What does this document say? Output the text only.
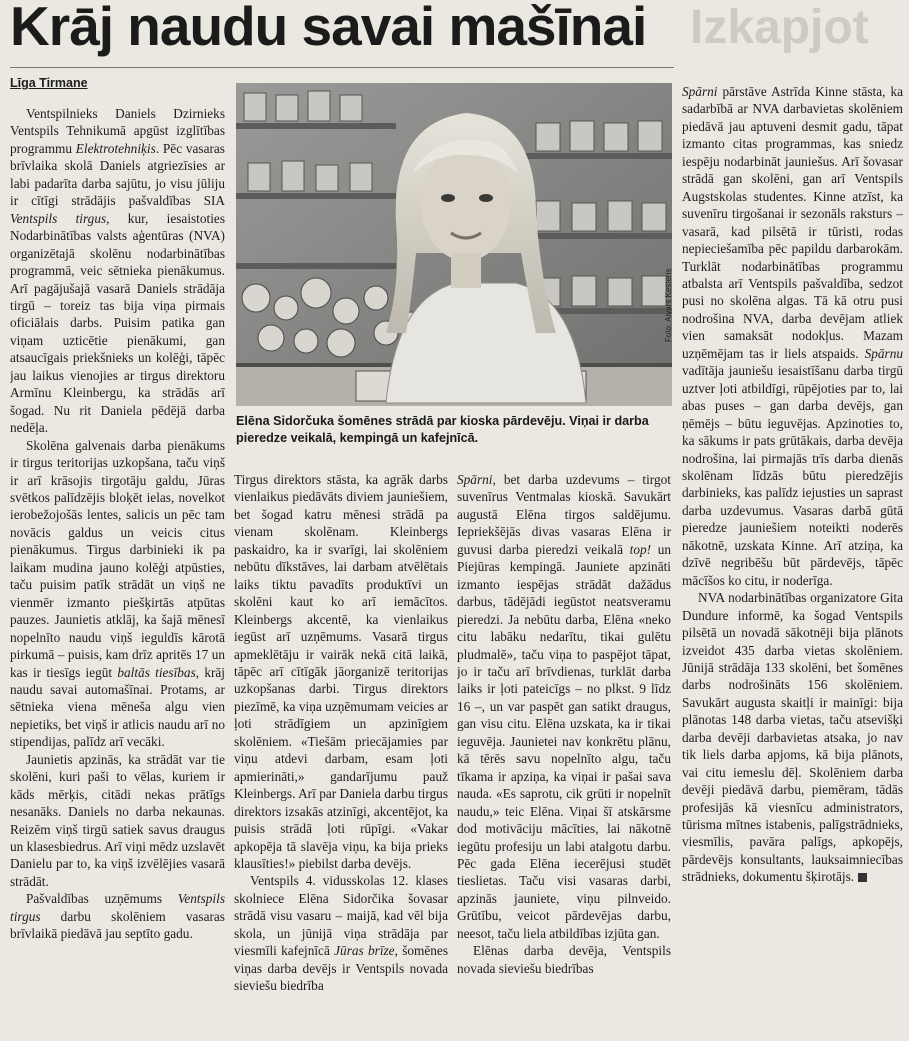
Izkapjot
Krāj naudu savai mašīnai
Līga Tirmane

Ventspilnieks Daniels Dzirnieks Ventspils Tehnikumā apgūst izglītības programmu Elektrotehniķis. Pēc vasaras brīvlaika skolā Daniels atgriezīsies ar labi padarīta darba sajūtu, jo visu jūliju ir cītīgi strādājis pašvaldības SIA Ventspils tirgus, kur, iesaistoties Nodarbinātības valsts aģentūras (NVA) organizētajā skolēnu nodarbinātības programmā, veic sētnieka pienākumus. Arī pagājušajā vasarā Daniels strādāja tirgū – toreiz tas bija viņa pirmais oficiālais darbs. Puisim patika gan viņam uzticētie pienākumi, gan atsaucīgais priekšnieks un kolēģi, tāpēc jau laikus vienojies ar tirgus direktoru Armīnu Kleinbergu, ka strādās arī šogad. Nu rit Daniela pēdējā darba nedēļa.

Skolēna galvenais darba pienākums ir tirgus teritorijas uzkopšana, taču viņš ir arī krāsojis tirgotāju galdu, Jūras svētkos palīdzējis bloķēt ielas, novelkot ierobežojošās lentes, salicis un pēc tam novācis galdus un veicis citus pienākumus. Tirgus darbinieki ik pa laikam mudina jauno kolēģi atpūsties, taču puisim patīk strādāt un viņš ne vienmēr izmanto piešķirtās atpūtas pauzes. Jaunietis atklāj, ka šajā mēnesī nopelnīto naudu viņš ieguldīs kārotā pirkumā – puisis, kam drīz apritēs 17 un kas ir tiesīgs iegūt baltās tiesības, krāj naudu savai automašīnai. Protams, ar sētnieka viena mēneša algu vien nepietiks, bet viņš ir atlicis naudu arī no stipendijas, palīdz arī vecāki.

Jaunietis apzinās, ka strādāt var tie skolēni, kuri paši to vēlas, kuriem ir kāds mērķis, citādi nekas prātīgs nesanāks. Daniels no darba nekaunas. Reizēm viņš tirgū satiek savus draugus un klasesbiedrus. Arī viņi mēdz uzslavēt Danielu par to, ka viņš izvēlējies vasarā strādāt.

Pašvaldības uzņēmums Ventspils tirgus darbu skolēniem vasaras brīvlaikā piedāvā jau septīto gadu.

Foto: Aivars Kesteris
Elēna Sidorčuka šomēnes strādā par kioska pārdevēju. Viņai ir darba pieredze veikalā, kempingā un kafejnīcā.

Tirgus direktors stāsta, ka agrāk darbs vienlaikus piedāvāts diviem jauniešiem, bet šogad katru mēnesi strādā pa vienam skolēnam. Kleinbergs paskaidro, ka ir svarīgi, lai skolēniem nebūtu dīkstāves, lai darbam atvēlētais laiks tiktu pavadīts produktīvi un skolēni kaut ko arī iemācītos. Kleinbergs akcentē, ka vienlaikus iegūst arī uzņēmums. Vasarā tirgus apmeklētāju ir vairāk nekā citā laikā, tāpēc arī cītīgāk jāorganizē teritorijas uzkopšanas darbi. Tirgus direktors piezīmē, ka viņa uzņēmumam veicies ar ļoti strādīgiem un apzinīgiem skolēniem. «Tiešām priecājamies par viņu atdevi darbam, esam ļoti apmierināti,» gandarījumu pauž Kleinbergs. Arī par Daniela darbu tirgus direktors izsakās atzinīgi, akcentējot, ka puisis strādā ļoti rūpīgi. «Vakar apkopēja tā slavēja viņu, ka bija prieks klausīties!» piebilst darba devējs.

Ventspils 4. vidusskolas 12. klases skolniece Elēna Sidorčika šovasar strādā visu vasaru – maijā, kad vēl bija skola, un jūnijā viņa strādāja par viesmīli kafejnīcā Jūras brīze, šomēnes viņas darba devējs ir Ventspils novada sieviešu biedrība

Spārni, bet darba uzdevums – tirgot suvenīrus Ventmalas kioskā. Savukārt augustā Elēna tirgos saldējumu. Iepriekšējās divas vasaras Elēna ir guvusi darba pieredzi veikalā top! un Piejūras kempingā. Jauniete apzināti izmanto iespējas strādāt dažādus darbus, tādējādi iegūstot neatsveramu pieredzi. Ja nebūtu darba, Elēna «neko citu labāku nedarītu, tikai gulētu pludmalē», taču viņa to paspējot tāpat, jo ir taču arī brīvdienas, turklāt darba laiks ir ļoti pateicīgs – no plkst. 9 līdz 16 –, un var paspēt gan satikt draugus, gan visu citu. Elēna uzskata, ka ir tikai ieguvēja. Jaunietei nav konkrētu plānu, kā tērēs savu nopelnīto algu, taču tīkama ir apziņa, ka viņai ir pašai sava nauda. «Es saprotu, cik grūti ir nopelnīt naudu,» teic Elēna. Viņai šī atskārsme dod motivāciju mācīties, lai nākotnē iegūtu profesiju un labi atalgotu darbu. Pēc gada Elēna iecerējusi studēt tieslietas. Taču visi vasaras darbi, apzinās jauniete, viņu pilnveido. Grūtību, veicot pārdevējas darbu, neesot, taču liela atbildības izjūta gan.

Elēnas darba devēja, Ventspils novada sieviešu biedrības

Spārni pārstāve Astrīda Kinne stāsta, ka sadarbībā ar NVA darbavietas skolēniem piedāvā jau aptuveni desmit gadu, tāpat izmanto citas programmas, kas sniedz iespēju nodarbināt jauniešus. Arī šovasar strādā gan skolēni, gan arī Ventspils Augstskolas studentes. Kinne atzīst, ka suvenīru tirgošanai ir sezonāls raksturs – vasarā, kad pilsētā ir tūristi, rodas nepieciešamība pēc papildu darbarokām. Turklāt nodarbinātības programmu atbalsta arī Ventspils pašvaldība, sedzot pusi no skolēna algas. Tā kā otru pusi nodrošina NVA, darba devējam atliek vien samaksāt nodokļus. Mazam uzņēmējam tas ir liels atspaids. Spārnu vadītāja jauniešu iesaistīšanu darba tirgū uztver ļoti atbildīgi, rūpējoties par to, lai abas puses – gan darba devējs, gan ņēmējs – būtu ieguvējas. Apzinoties to, ka sākums ir pats grūtākais, darba devēja nodrošina, lai pirmajās trīs darba dienās skolēnam līdzās būtu pieredzējis darbinieks, kas palīdz iejusties un saprast darba uzdevumus. Vasaras darbā gūtā pieredze jauniešiem noteikti noderēs nākotnē, uzskata Kinne. Arī atziņa, ka dzīvē negribēšu būt pārdevējs, tāpēc mācīšos ko citu, ir noderīga.

NVA nodarbinātības organizatore Gita Dundure informē, ka šogad Ventspils pilsētā un novadā sākotnēji bija plānots izveidot 435 darba vietas skolēniem. Jūnijā strādāja 133 skolēni, bet šomēnes darbs nodrošināts 156 skolēniem. Savukārt augusta skaitļi ir mainīgi: bija plānotas 148 darba vietas, taču atsevišķi darba devēji darbavietas atsaka, jo nav tik liels darba apjoms, kā bija plānots, vai citu iemeslu dēļ. Skolēniem darba devēji piedāvā darbu, piemēram, tādās profesijās kā viesnīcu administrators, tūrisma mītnes istabenis, palīgstrādnieks, viesmīlis, pavāra palīgs, apkopējs, pārdevējs konsultants, lauksaimniecības strādnieks, dokumentu šķirotājs.
